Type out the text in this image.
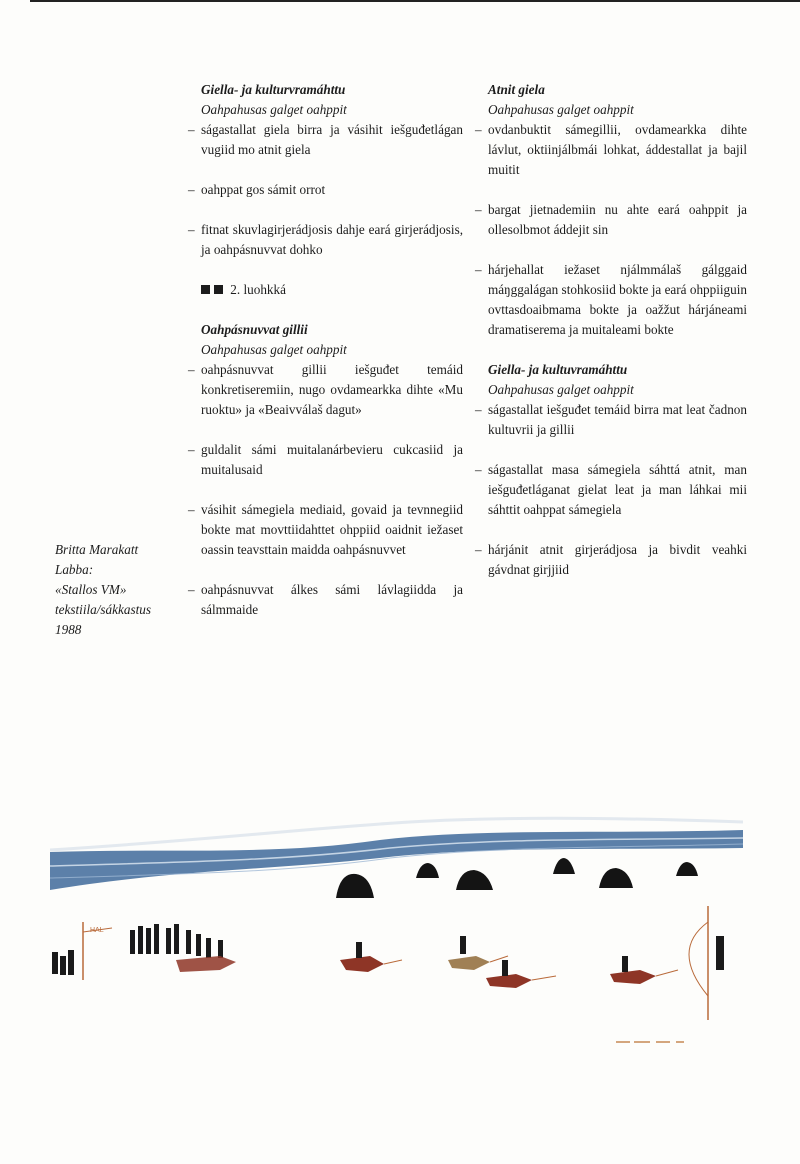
Giella- ja kulturvramáhttu
Oahpahusas galget oahppit
– ságastallat giela birra ja vásihit iešguđetlágan vugiid mo atnit giela
– oahppat gos sámit orrot
– fitnat skuvlagirjerádjosis dahje eará girjerádjosis, ja oahpásnuvvat dohko
2. luohkká
Oahpásnuvvat gillii
Oahpahusas galget oahppit
– oahpásnuvvat gillii iešguđet temáid konkretiseremiin, nugo ovdamearkka dihte «Mu ruoktu» ja «Beaivválaš dagut»
– guldalit sámi muitalanárbevieru cukcasiid ja muitalusaid
– vásihit sámegiela mediaid, govaid ja tevnnegiid bokte mat movttiidahttet ohppiid oaidnit iežaset oassin teavsttain maidda oahpásnuvvet
– oahpásnuvvat álkes sámi lávlagiidda ja sálmmaide
Atnit giela
Oahpahusas galget oahppit
– ovdanbuktit sámegillii, ovdamearkka dihte lávlut, oktiinjálbmái lohkat, áddestallat ja bajil muitit
– bargat jietnademiin nu ahte eará oahppit ja ollesolbmot áddejit sin
– hárjehallat iežaset njálmmálaš gálggaid máŋggalágan stohkosiid bokte ja eará ohppiiguin ovttasdoaibmama bokte ja oažžut hárjáneami dramatiserema ja muitaleami bokte
Giella- ja kultuvramáhttu
Oahpahusas galget oahppit
– ságastallat iešguđet temáid birra mat leat čadnon kultuvrii ja gillii
– ságastallat masa sámegiela sáhttá atnit, man iešguđetláganat gielat leat ja man láhkai mii sáhttit oahppat sámegiela
– hárjánit atnit girjerádjosa ja bivdit veahki gávdnat girjjiid
Britta Marakatt
Labba:
«Stallos VM»
tekstiila/sákkastus
1988
HAL
